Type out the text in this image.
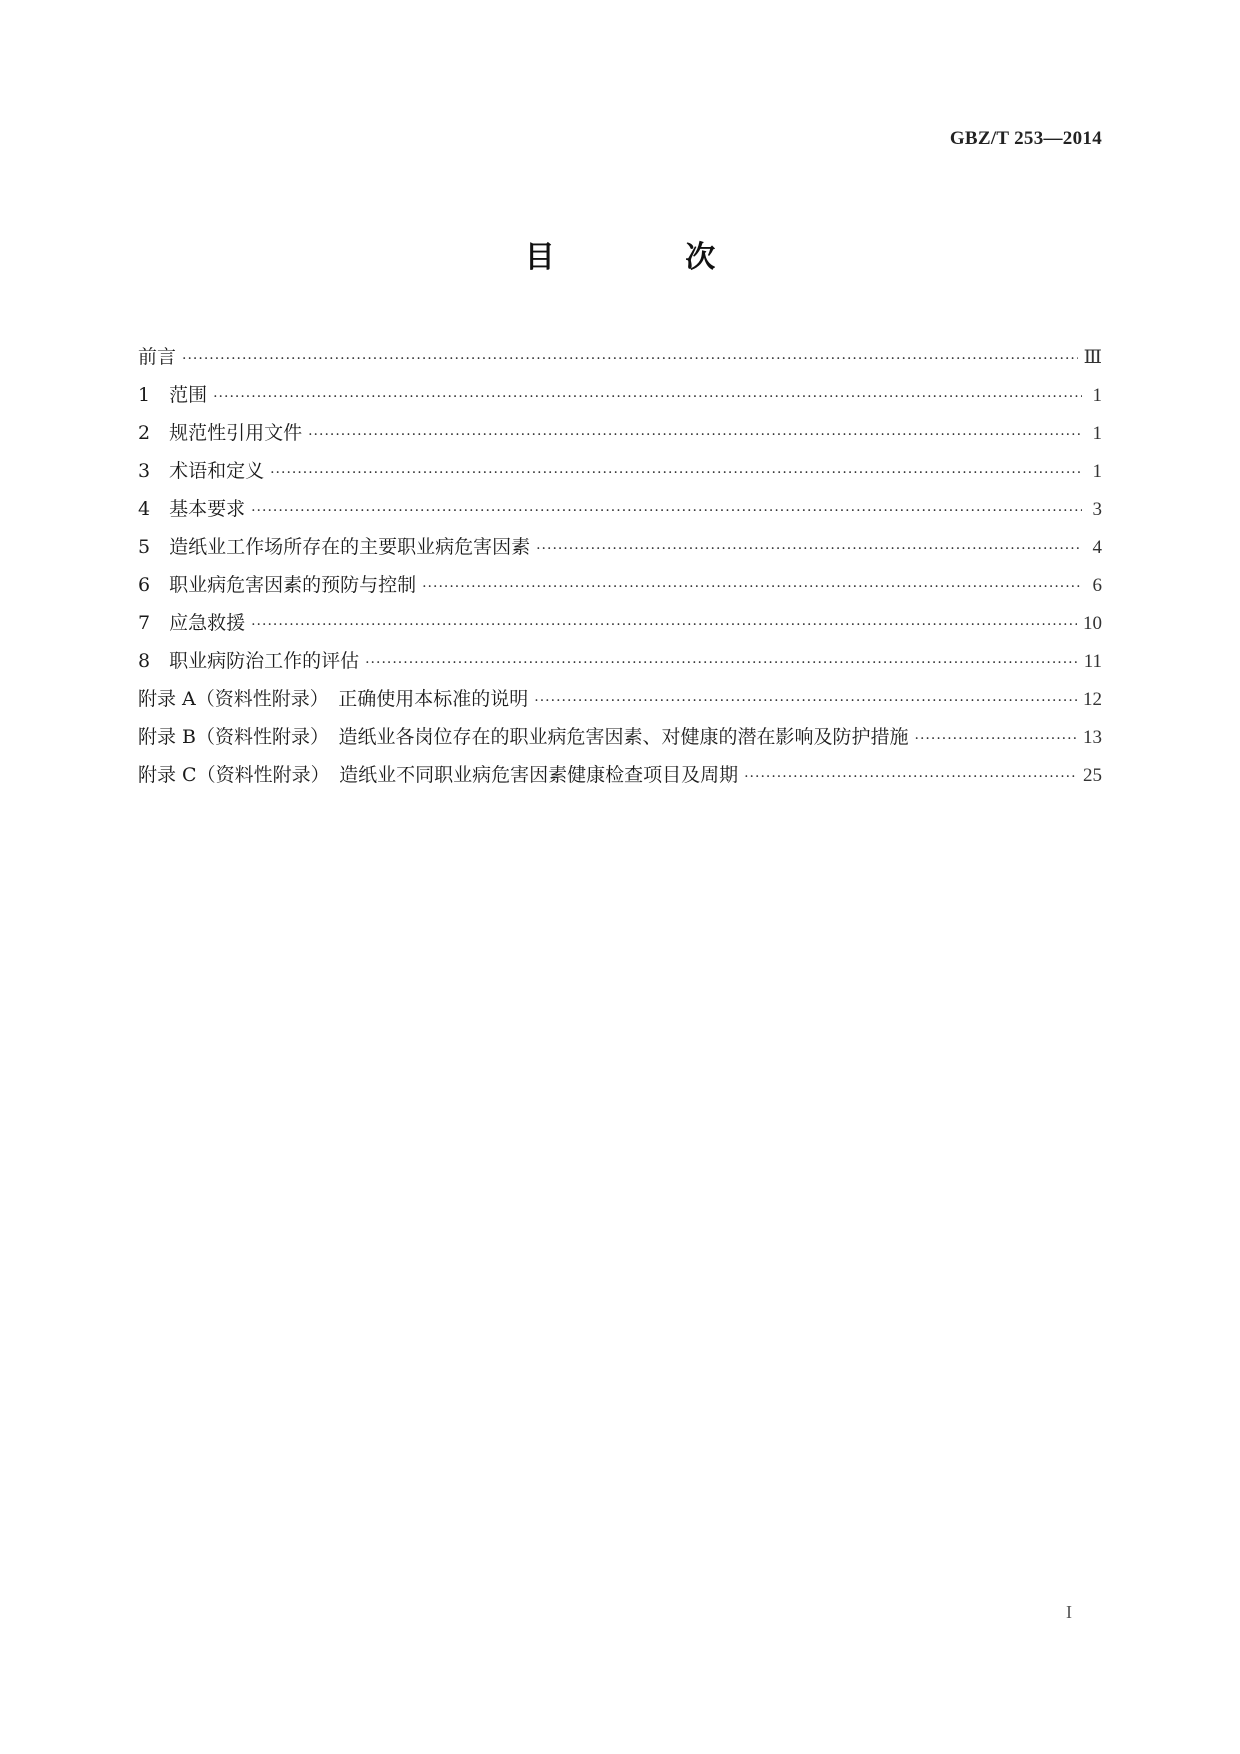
GBZ/T 253—2014
目 次
前言 ·····	Ⅲ
1　范围 ·····	1
2　规范性引用文件 ·····	1
3　术语和定义 ·····	1
4　基本要求 ·····	3
5　造纸业工作场所存在的主要职业病危害因素 ·····	4
6　职业病危害因素的预防与控制 ·····	6
7　应急救援 ·····	10
8　职业病防治工作的评估 ·····	11
附录 A（资料性附录）　正确使用本标准的说明 ·····	12
附录 B（资料性附录）　造纸业各岗位存在的职业病危害因素、对健康的潜在影响及防护措施 ·····	13
附录 C（资料性附录）　造纸业不同职业病危害因素健康检查项目及周期 ·····	25
I
